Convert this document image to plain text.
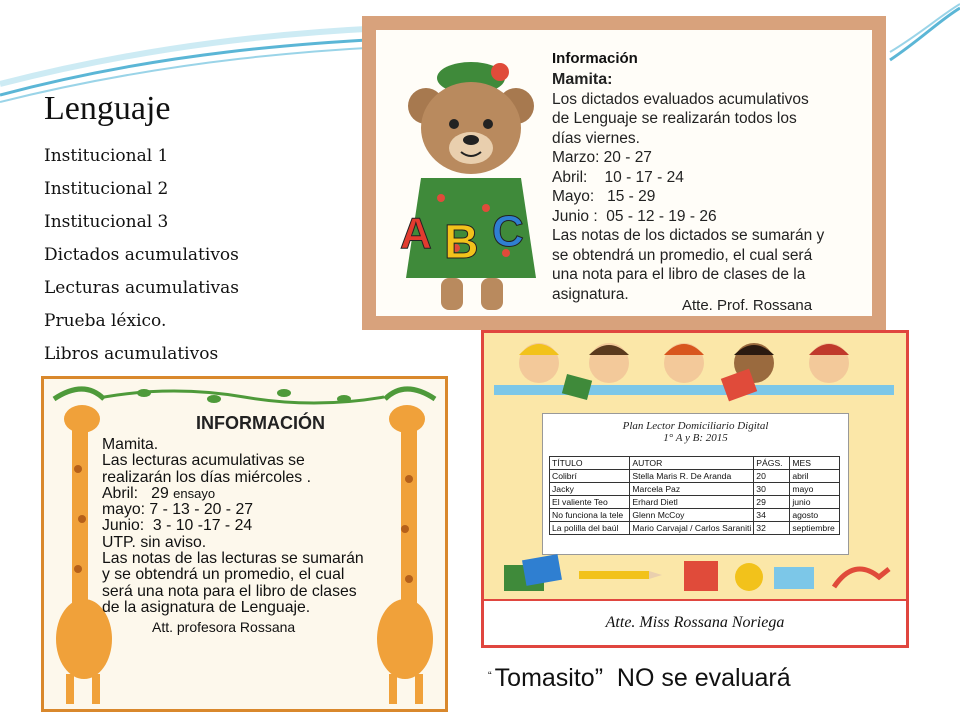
Lenguaje
Institucional 1
Institucional 2
Institucional 3
Dictados acumulativos
Lecturas acumulativas
Prueba léxico.
Libros acumulativos
A B C
Información
Mamita:
Los dictados evaluados acumulativos
de Lenguaje se realizarán todos los
días viernes.
Marzo: 20 - 27
Abril:    10 - 17 - 24
Mayo:   15 - 29
Junio :  05 - 12 - 19 - 26
Las notas de los dictados se sumarán y
se obtendrá un promedio, el cual será
una nota para el libro de clases de la
asignatura.
Atte. Prof. Rossana
Plan Lector Domiciliario Digital
1° A y B: 2015
TÍTULO	AUTOR	PÁGS.	MES
Colibrí	Stella Maris R. De Aranda	20	abril
Jacky	Marcela Paz	30	mayo
El valiente Teo	Erhard Dietl	29	junio
No funciona la tele	Glenn McCoy	34	agosto
La polilla del baúl	Mario Carvajal / Carlos Saraniti	32	septiembre
Atte. Miss Rossana Noriega
INFORMACIÓN
Mamita.
Las lecturas acumulativas se
realizarán los días miércoles .
Abril:   29 ensayo
mayo: 7 - 13 - 20 - 27
Junio:  3 - 10 -17 - 24
UTP. sin aviso.
Las notas de las lecturas se sumarán
y se obtendrá un promedio, el cual
será una nota para el libro de clases
de la asignatura de Lenguaje.
Att. profesora Rossana
“ Tomasito”  NO se evaluará
